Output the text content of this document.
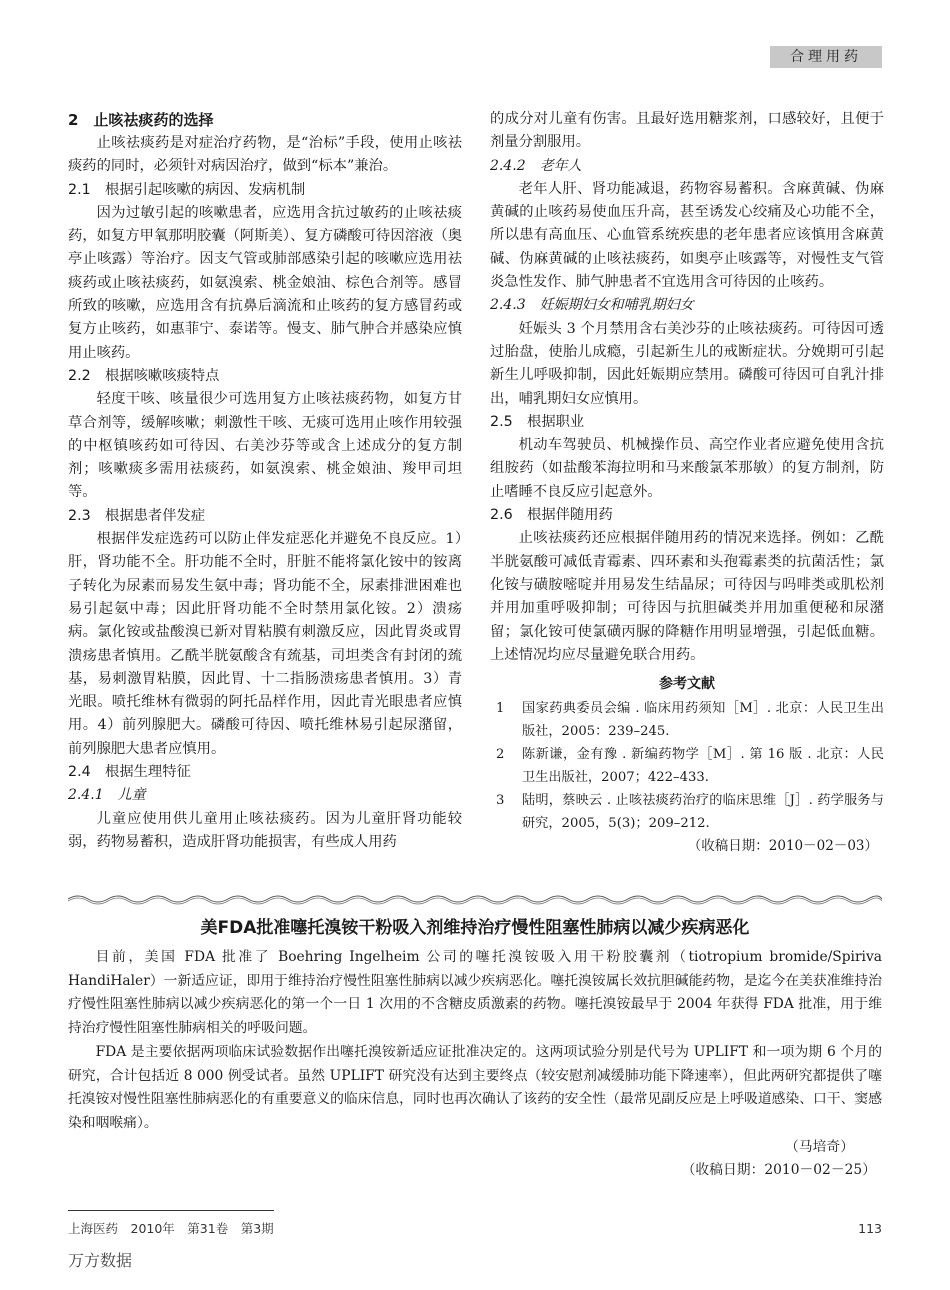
合理用药
2　止咳祛痰药的选择

止咳祛痰药是对症治疗药物，是“治标”手段，使用止咳祛痰药的同时，必须针对病因治疗，做到“标本”兼治。

2.1　根据引起咳嗽的病因、发病机制

因为过敏引起的咳嗽患者，应选用含抗过敏药的止咳祛痰药，如复方甲氧那明胶囊（阿斯美）、复方磷酸可待因溶液（奥亭止咳露）等治疗。因支气管或肺部感染引起的咳嗽应选用祛痰药或止咳祛痰药，如氨溴索、桃金娘油、棕色合剂等。感冒所致的咳嗽，应选用含有抗鼻后滴流和止咳药的复方感冒药或复方止咳药，如惠菲宁、泰诺等。慢支、肺气肿合并感染应慎用止咳药。

2.2　根据咳嗽咳痰特点

轻度干咳、咳量很少可选用复方止咳祛痰药物，如复方甘草合剂等，缓解咳嗽；刺激性干咳、无痰可选用止咳作用较强的中枢镇咳药如可待因、右美沙芬等或含上述成分的复方制剂；咳嗽痰多需用祛痰药，如氨溴索、桃金娘油、羧甲司坦等。

2.3　根据患者伴发症

根据伴发症选药可以防止伴发症恶化并避免不良反应。1）肝，肾功能不全。肝功能不全时，肝脏不能将氯化铵中的铵离子转化为尿素而易发生氨中毒；肾功能不全，尿素排泄困难也易引起氨中毒；因此肝肾功能不全时禁用氯化铵。2）溃疡病。氯化铵或盐酸溴已新对胃粘膜有刺激反应，因此胃炎或胃溃疡患者慎用。乙酰半胱氨酸含有巯基，司坦类含有封闭的巯基，易刺激胃粘膜，因此胃、十二指肠溃疡患者慎用。3）青光眼。喷托维林有微弱的阿托品样作用，因此青光眼患者应慎用。4）前列腺肥大。磷酸可待因、喷托维林易引起尿潴留，前列腺肥大患者应慎用。

2.4　根据生理特征
2.4.1　儿童

儿童应使用供儿童用止咳祛痰药。因为儿童肝肾功能较弱，药物易蓄积，造成肝肾功能损害，有些成人用药

的成分对儿童有伤害。且最好选用糖浆剂，口感较好，且便于剂量分割服用。

2.4.2　老年人

老年人肝、肾功能减退，药物容易蓄积。含麻黄碱、伪麻黄碱的止咳药易使血压升高，甚至诱发心绞痛及心功能不全，所以患有高血压、心血管系统疾患的老年患者应该慎用含麻黄碱、伪麻黄碱的止咳祛痰药，如奥亭止咳露等，对慢性支气管炎急性发作、肺气肿患者不宜选用含可待因的止咳药。

2.4.3　妊娠期妇女和哺乳期妇女

妊娠头 3 个月禁用含右美沙芬的止咳祛痰药。可待因可透过胎盘，使胎儿成瘾，引起新生儿的戒断症状。分娩期可引起新生儿呼吸抑制，因此妊娠期应禁用。磷酸可待因可自乳汁排出，哺乳期妇女应慎用。

2.5　根据职业

机动车驾驶员、机械操作员、高空作业者应避免使用含抗组胺药（如盐酸苯海拉明和马来酸氯苯那敏）的复方制剂，防止嗜睡不良反应引起意外。

2.6　根据伴随用药

止咳祛痰药还应根据伴随用药的情况来选择。例如：乙酰半胱氨酸可减低青霉素、四环素和头孢霉素类的抗菌活性；氯化铵与磺胺嘧啶并用易发生结晶尿；可待因与吗啡类或肌松剂并用加重呼吸抑制；可待因与抗胆碱类并用加重便秘和尿潴留；氯化铵可使氯磺丙脲的降糖作用明显增强，引起低血糖。上述情况均应尽量避免联合用药。

参考文献
1	国家药典委员会编 . 临床用药须知［M］. 北京：人民卫生出版社，2005：239–245.
2	陈新谦，金有豫 . 新编药物学［M］. 第 16 版 . 北京：人民卫生出版社，2007；422–433.
3	陆明，蔡映云 . 止咳祛痰药治疗的临床思维［J］. 药学服务与研究，2005，5(3)；209–212.
（收稿日期：2010－02－03）
美FDA批准噻托溴铵干粉吸入剂维持治疗慢性阻塞性肺病以减少疾病恶化

目前，美国 FDA 批准了 Boehring Ingelheim 公司的噻托溴铵吸入用干粉胶囊剂（tiotropium bromide/Spiriva HandiHaler）一新适应证，即用于维持治疗慢性阻塞性肺病以减少疾病恶化。噻托溴铵属长效抗胆碱能药物，是迄今在美获准维持治疗慢性阻塞性肺病以减少疾病恶化的第一个一日 1 次用的不含糖皮质激素的药物。噻托溴铵最早于 2004 年获得 FDA 批准，用于维持治疗慢性阻塞性肺病相关的呼吸问题。

FDA 是主要依据两项临床试验数据作出噻托溴铵新适应证批准决定的。这两项试验分别是代号为 UPLIFT 和一项为期 6 个月的研究，合计包括近 8 000 例受试者。虽然 UPLIFT 研究没有达到主要终点（较安慰剂减缓肺功能下降速率），但此两研究都提供了噻托溴铵对慢性阻塞性肺病恶化的有重要意义的临床信息，同时也再次确认了该药的安全性（最常见副反应是上呼吸道感染、口干、窦感染和咽喉痛）。

（马培奇）

（收稿日期：2010－02－25）

上海医药　2010年　第31卷　第3期	113
万方数据
